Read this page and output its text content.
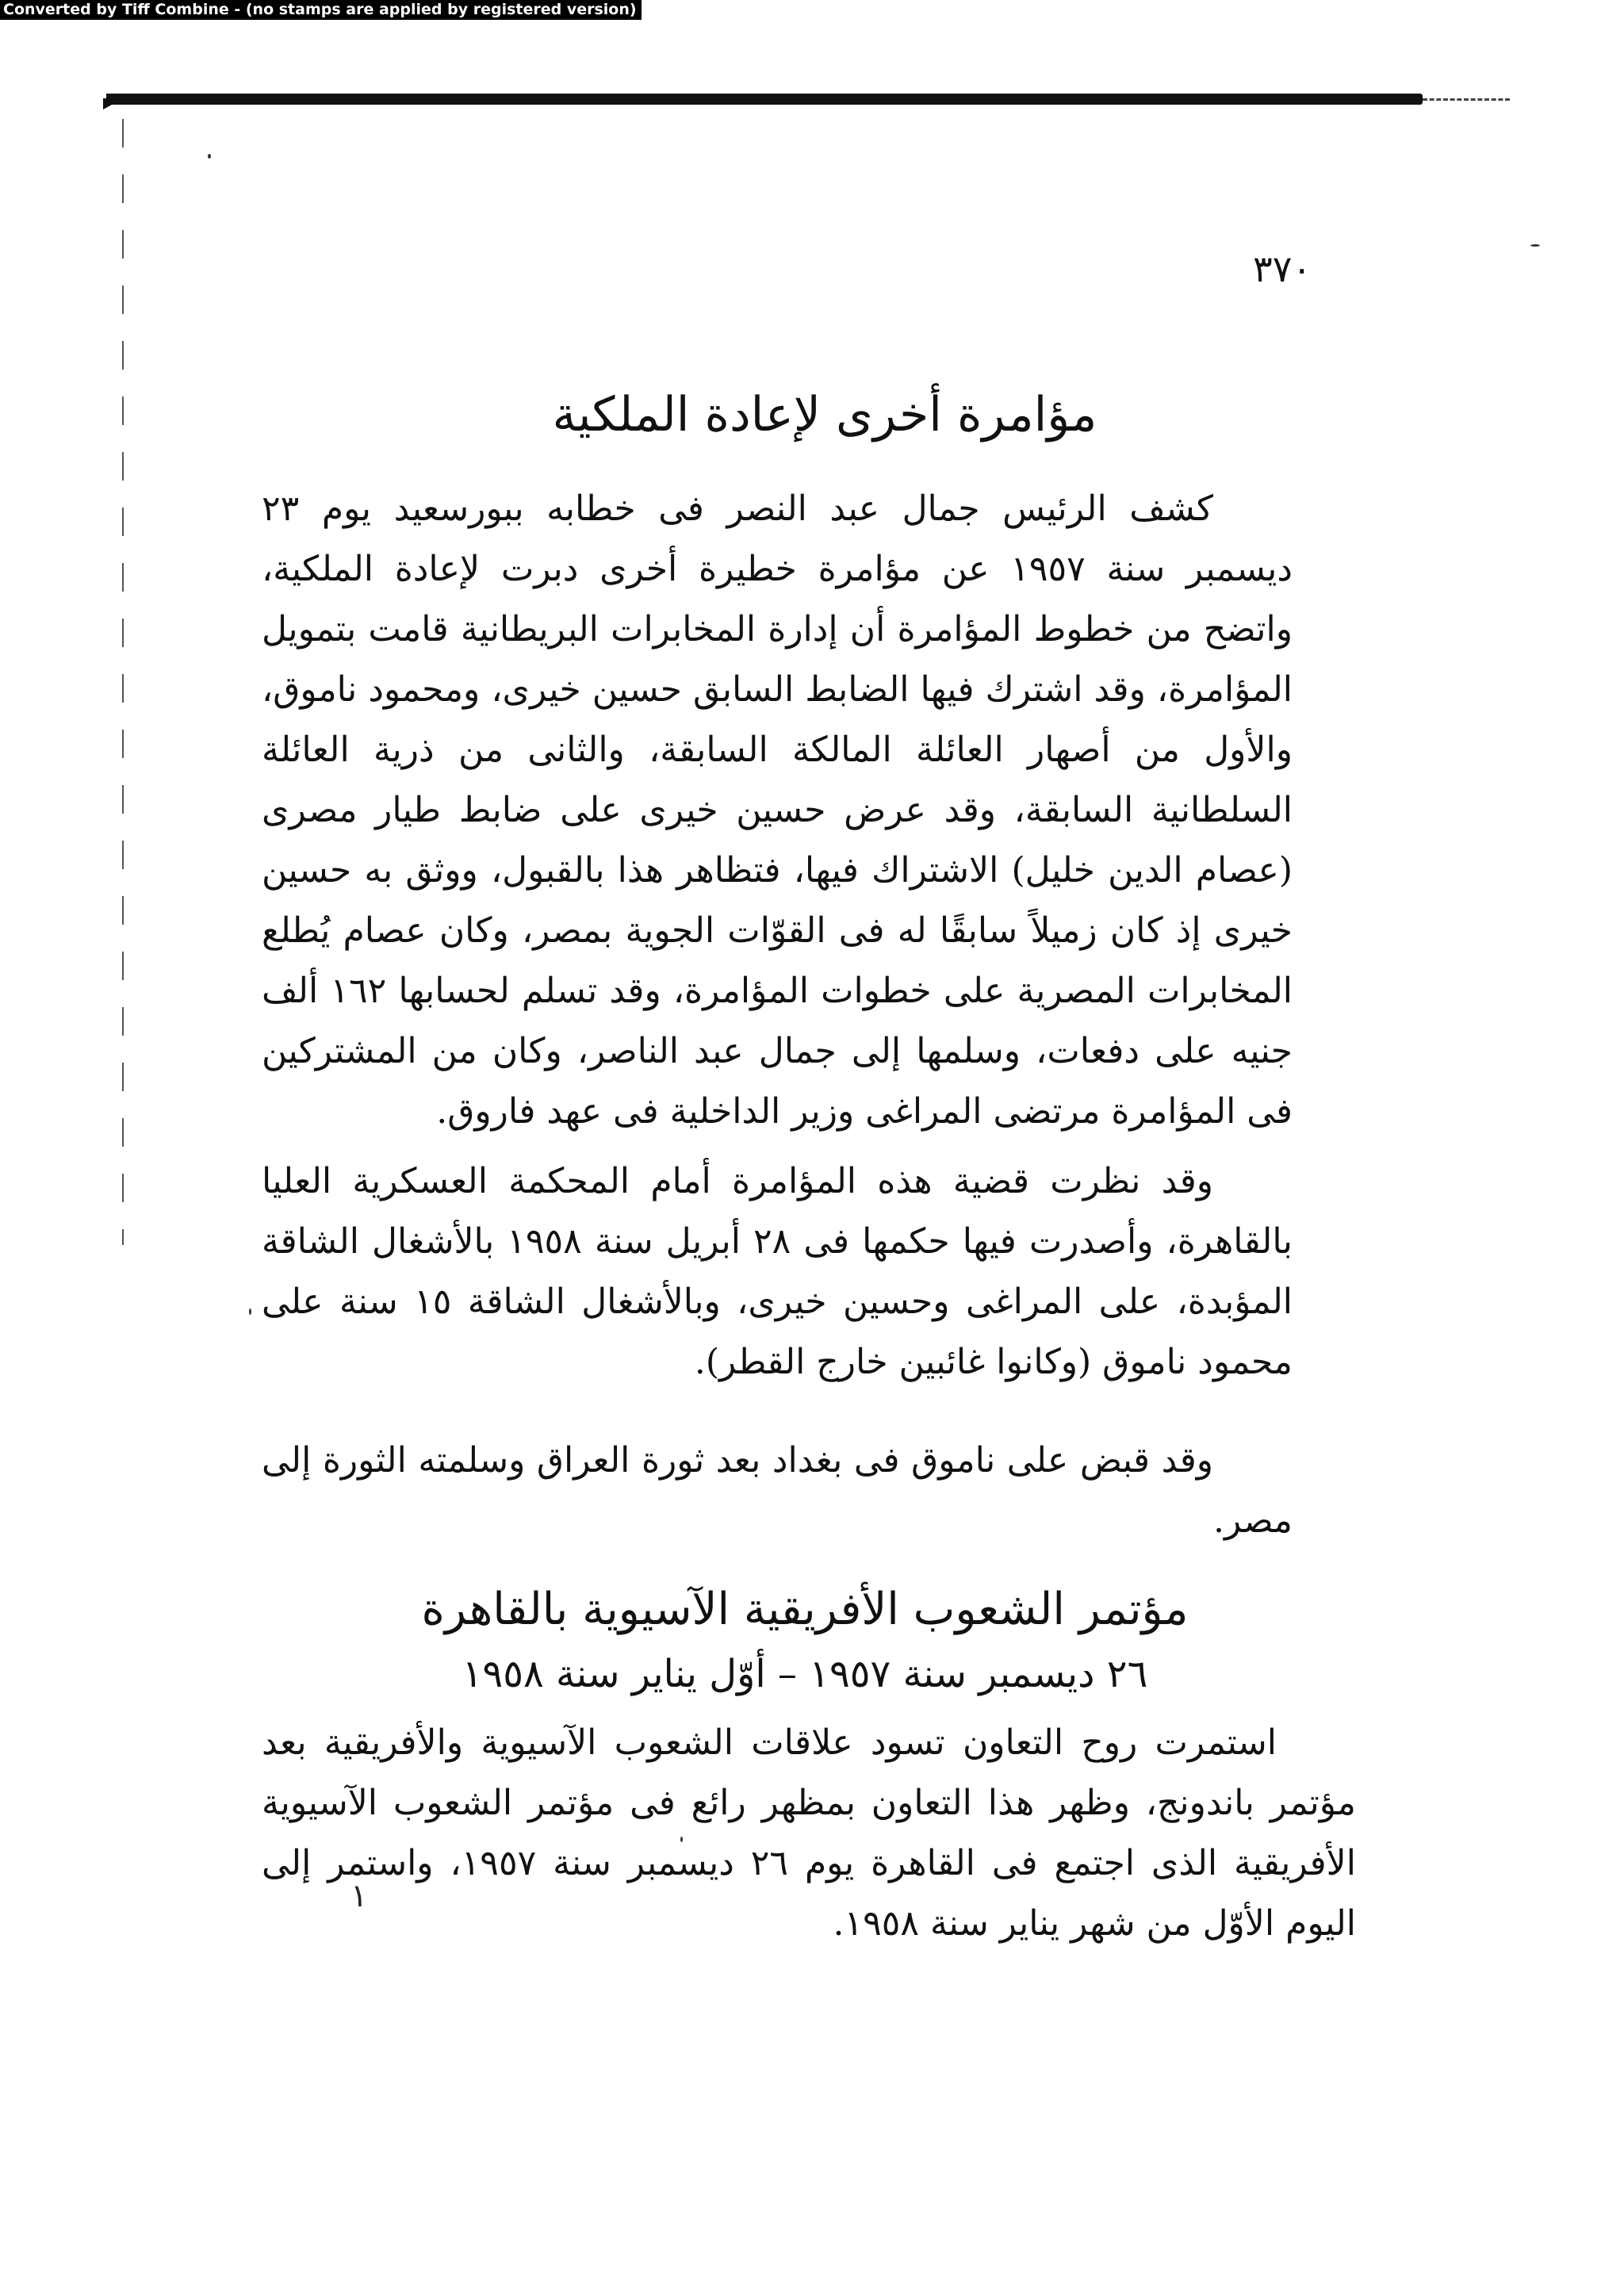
Converted by Tiff Combine - (no stamps are applied by registered version)
٣٧٠
مؤامرة أخرى لإعادة الملكية

كشف الرئيس جمال عبد النصر فى خطابه ببورسعيد يوم ٢٣ ديسمبر سنة ١٩٥٧ عن مؤامرة خطيرة أخرى دبرت لإعادة الملكية، واتضح من خطوط المؤامرة أن إدارة المخابرات البريطانية قامت بتمويل المؤامرة، وقد اشترك فيها الضابط السابق حسين خيرى، ومحمود ناموق، والأول من أصهار العائلة المالكة السابقة، والثانى من ذرية العائلة السلطانية السابقة، وقد عرض حسين خيرى على ضابط طيار مصرى (عصام الدين خليل) الاشتراك فيها، فتظاهر هذا بالقبول، ووثق به حسين خيرى إذ كان زميلاً سابقًا له فى القوّات الجوية بمصر، وكان عصام يُطلع المخابرات المصرية على خطوات المؤامرة، وقد تسلم لحسابها ١٦٢ ألف جنيه على دفعات، وسلمها إلى جمال عبد الناصر، وكان من المشتركين فى المؤامرة مرتضى المراغى وزير الداخلية فى عهد فاروق.

وقد نظرت قضية هذه المؤامرة أمام المحكمة العسكرية العليا بالقاهرة، وأصدرت فيها حكمها فى ٢٨ أبريل سنة ١٩٥٨ بالأشغال الشاقة المؤبدة، على المراغى وحسين خيرى، وبالأشغال الشاقة ١٥ سنة على محمود ناموق (وكانوا غائبين خارج القطر).

وقد قبض على ناموق فى بغداد بعد ثورة العراق وسلمته الثورة إلى مصر.

مؤتمر الشعوب الأفريقية الآسيوية بالقاهرة
٢٦ ديسمبر سنة ١٩٥٧ – أوّل يناير سنة ١٩٥٨

استمرت روح التعاون تسود علاقات الشعوب الآسيوية والأفريقية بعد مؤتمر باندونج، وظهر هذا التعاون بمظهر رائع فى مؤتمر الشعوب الآسيوية الأفريقية الذى اجتمع فى القاهرة يوم ٢٦ ديسمبر سنة ١٩٥٧، واستمر إلى اليوم الأوّل من شهر يناير سنة ١٩٥٨.

١
